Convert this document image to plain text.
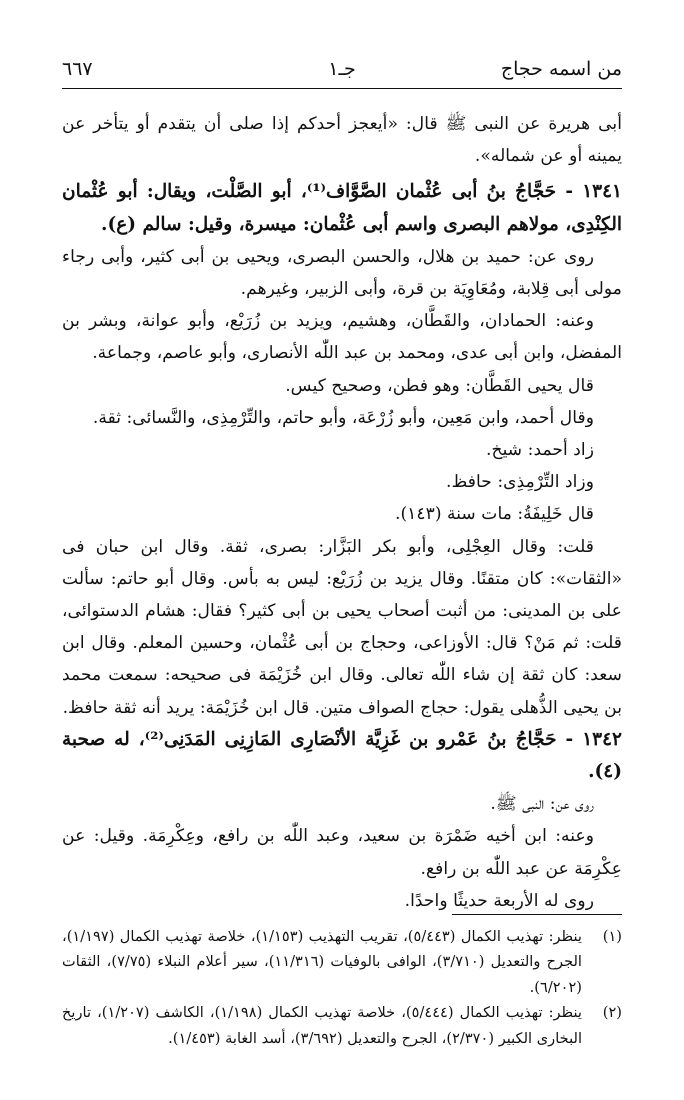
من اسمه حجاج
جـ١
٦٦٧

أبى هريرة عن النبى ﷺ قال: «أيعجز أحدكم إذا صلى أن يتقدم أو يتأخر عن يمينه أو عن شماله».

١٣٤١ - حَجَّاجُ بنُ أبى عُثْمان الصَّوَّاف⁽¹⁾، أبو الصَّلْت، ويقال: أبو عُثْمان الكِنْدِى، مولاهم البصرى واسم أبى عُثْمان: ميسرة، وقيل: سالم (ع).

روى عن: حميد بن هلال، والحسن البصرى، ويحيى بن أبى كثير، وأبى رجاء مولى أبى قِلابة، ومُعَاوِيَة بن قرة، وأبى الزبير، وغيرهم.

وعنه: الحمادان، والقَطَّان، وهشيم، ويزيد بن زُرَيْع، وأبو عوانة، وبشر بن المفضل، وابن أبى عدى، ومحمد بن عبد اللّٰه الأنصارى، وأبو عاصم، وجماعة.

قال يحيى القَطَّان: وهو فطن، وصحيح كيس.

وقال أحمد، وابن مَعِين، وأبو زُرْعَة، وأبو حاتم، والتِّرْمِذِى، والنَّسائى: ثقة.

زاد أحمد: شيخ.

وزاد التِّرْمِذِى: حافظ.

قال خَلِيفَةُ: مات سنة (١٤٣).

قلت: وقال العِجْلِى، وأبو بكر البَزَّار: بصرى، ثقة. وقال ابن حبان فى «الثقات»: كان متقنًا. وقال يزيد بن زُرَيْع: ليس به بأس. وقال أبو حاتم: سألت على بن المدينى: من أثبت أصحاب يحيى بن أبى كثير؟ فقال: هشام الدستوائى، قلت: ثم مَنْ؟ قال: الأوزاعى، وحجاج بن أبى عُثْمان، وحسين المعلم. وقال ابن سعد: كان ثقة إن شاء اللّٰه تعالى. وقال ابن خُزَيْمَة فى صحيحه: سمعت محمد بن يحيى الذُّهلى يقول: حجاج الصواف متين. قال ابن خُزَيْمَة: يريد أنه ثقة حافظ.

١٣٤٢ - حَجَّاجُ بنُ عَمْرو بن غَزِيَّة الأنْصَارِى المَازِنِى المَدَنِى⁽²⁾، له صحبة (٤).

روى عن: النبى ﷺ.

وعنه: ابن أخيه ضَمْرَة بن سعيد، وعبد اللّٰه بن رافع، وعِكْرِمَة. وقيل: عن عِكْرِمَة عن عبد اللّٰه بن رافع.

روى له الأربعة حديثًا واحدًا.

(١)
ينظر: تهذيب الكمال (٥/٤٤٣)، تقريب التهذيب (١/١٥٣)، خلاصة تهذيب الكمال (١/١٩٧)، الجرح والتعديل (٣/٧١٠)، الوافى بالوفيات (١١/٣١٦)، سير أعلام النبلاء (٧/٧٥)، الثقات (٦/٢٠٢).
(٢)
ينظر: تهذيب الكمال (٥/٤٤٤)، خلاصة تهذيب الكمال (١/١٩٨)، الكاشف (١/٢٠٧)، تاريخ البخارى الكبير (٢/٣٧٠)، الجرح والتعديل (٣/٦٩٢)، أسد الغابة (١/٤٥٣).
